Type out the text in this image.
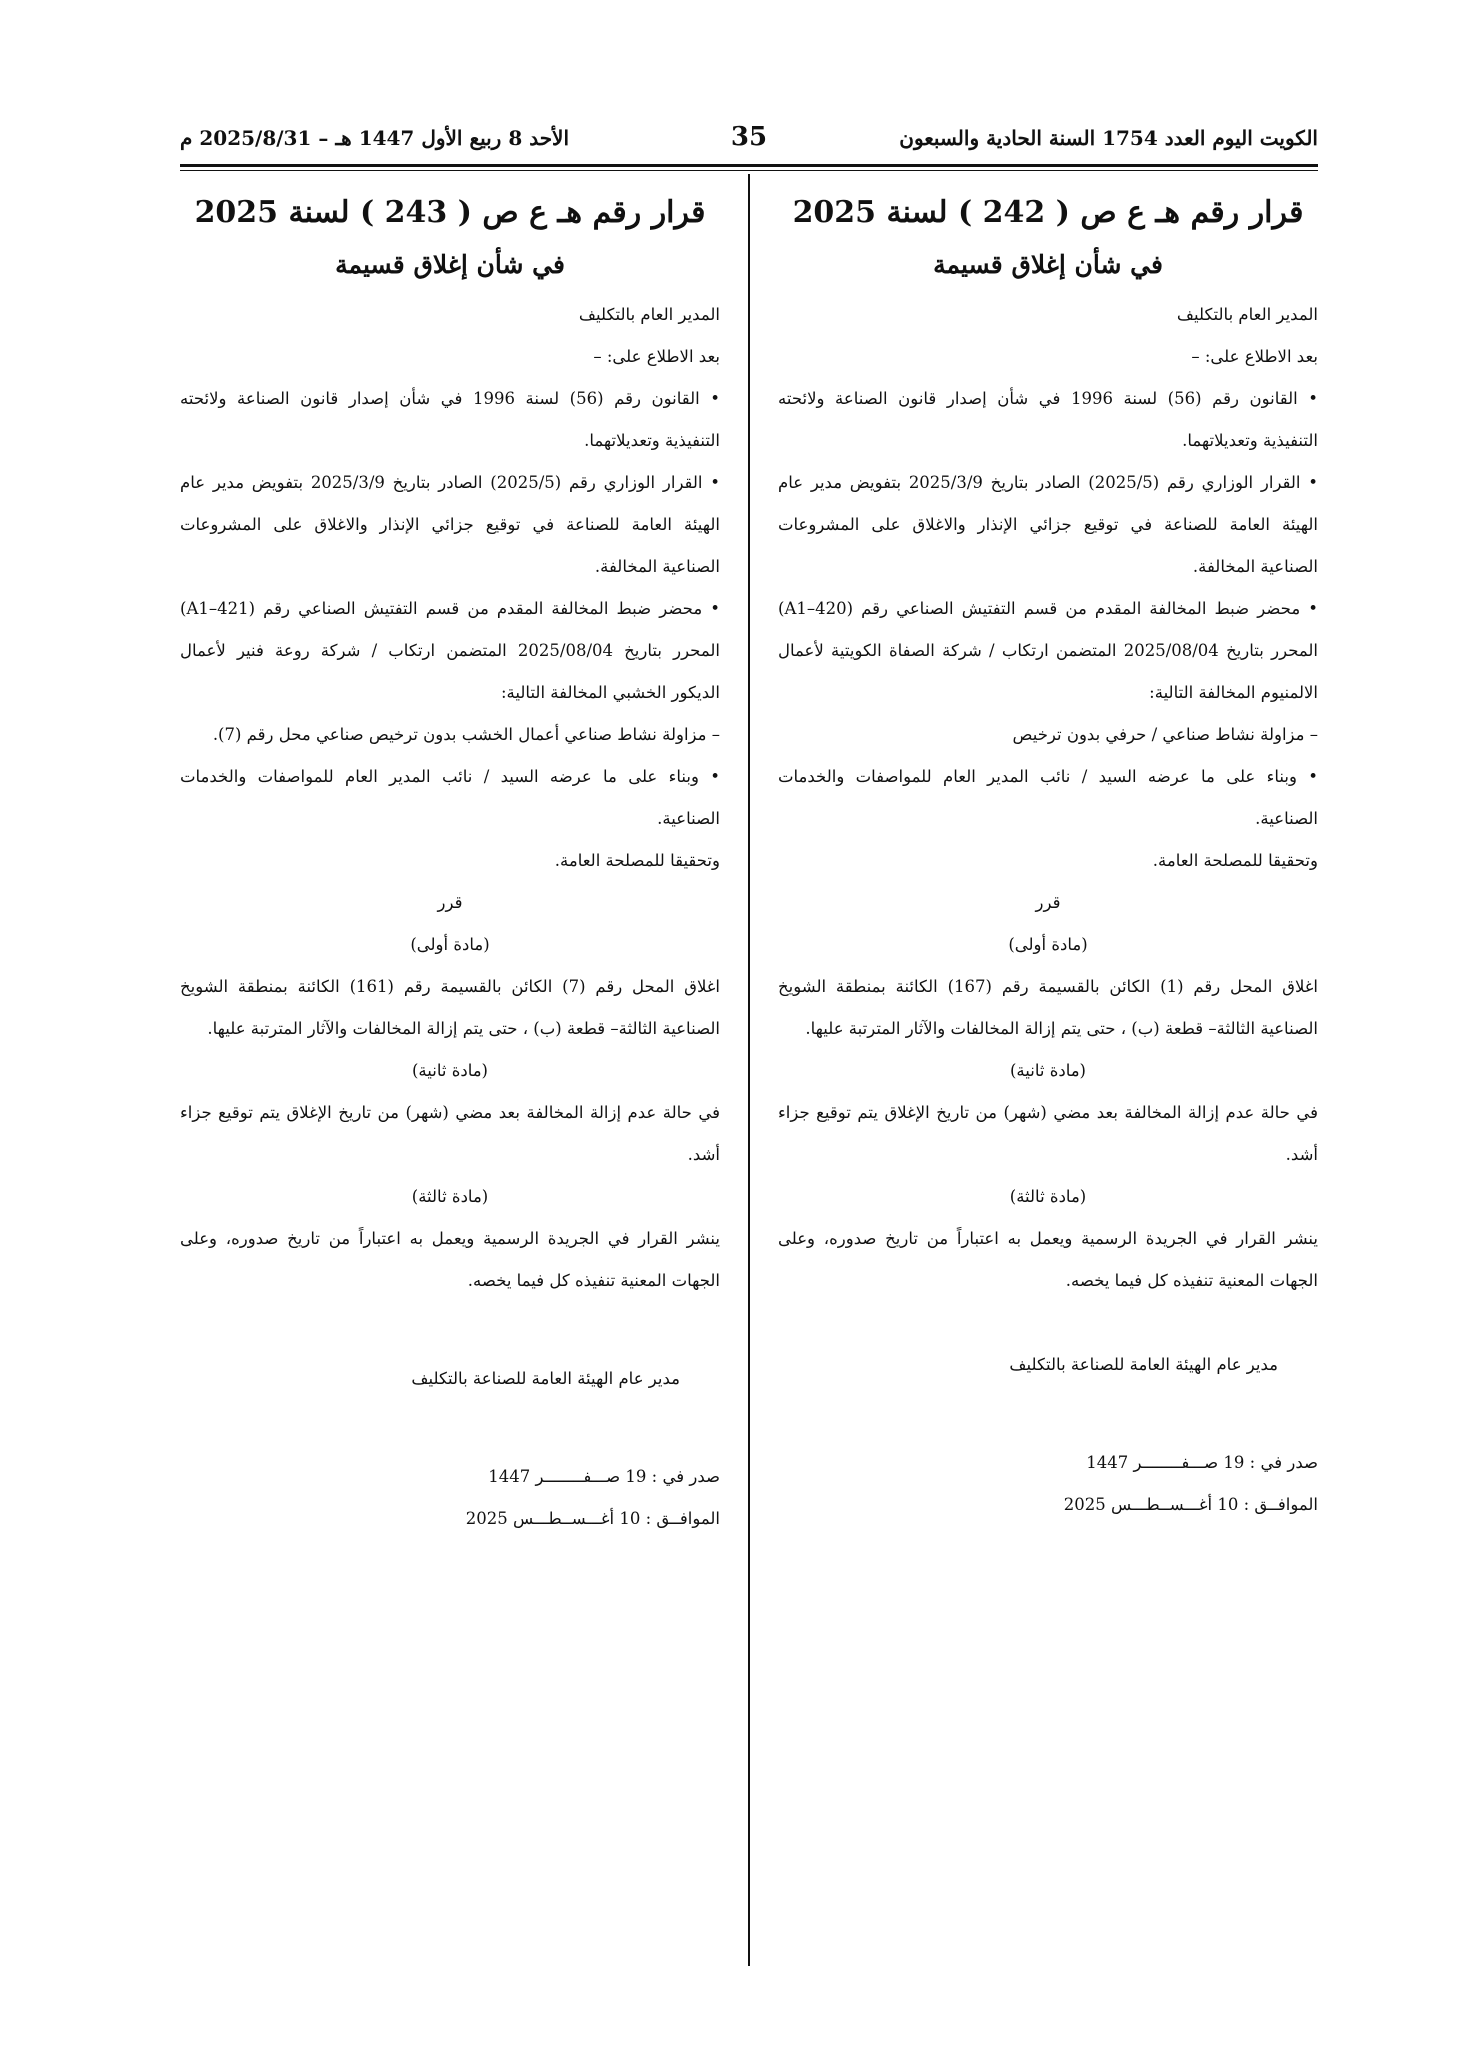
الكويت اليوم العدد 1754 السنة الحادية والسبعون
35
الأحد 8 ربيع الأول 1447 هـ – 2025/8/31 م

قرار رقم هـ ع ص ( 242 ) لسنة 2025

في شأن إغلاق قسيمة

المدير العام بالتكليف

بعد الاطلاع على: –

• القانون رقم (56) لسنة 1996 في شأن إصدار قانون الصناعة ولائحته التنفيذية وتعديلاتهما.

• القرار الوزاري رقم (2025/5) الصادر بتاريخ 2025/3/9 بتفويض مدير عام الهيئة العامة للصناعة في توقيع جزائي الإنذار والاغلاق على المشروعات الصناعية المخالفة.

• محضر ضبط المخالفة المقدم من قسم التفتيش الصناعي رقم (A1–420) المحرر بتاريخ 2025/08/04 المتضمن ارتكاب / شركة الصفاة الكويتية لأعمال الالمنيوم المخالفة التالية:

– مزاولة نشاط صناعي / حرفي بدون ترخيص

• وبناء على ما عرضه السيد / نائب المدير العام للمواصفات والخدمات الصناعية.

وتحقيقا للمصلحة العامة.

قرر

(مادة أولى)

اغلاق المحل رقم (1) الكائن بالقسيمة رقم (167) الكائنة بمنطقة الشويخ الصناعية الثالثة– قطعة (ب) ، حتى يتم إزالة المخالفات والآثار المترتبة عليها.

(مادة ثانية)

في حالة عدم إزالة المخالفة بعد مضي (شهر) من تاريخ الإغلاق يتم توقيع جزاء أشد.

(مادة ثالثة)

ينشر القرار في الجريدة الرسمية ويعمل به اعتباراً من تاريخ صدوره، وعلى الجهات المعنية تنفيذه كل فيما يخصه.

مدير عام الهيئة العامة للصناعة بالتكليف

صدر في : 19 صـــفــــــــر 1447

الموافــق : 10 أغـــســطـــس 2025

قرار رقم هـ ع ص ( 243 ) لسنة 2025

في شأن إغلاق قسيمة

المدير العام بالتكليف

بعد الاطلاع على: –

• القانون رقم (56) لسنة 1996 في شأن إصدار قانون الصناعة ولائحته التنفيذية وتعديلاتهما.

• القرار الوزاري رقم (2025/5) الصادر بتاريخ 2025/3/9 بتفويض مدير عام الهيئة العامة للصناعة في توقيع جزائي الإنذار والاغلاق على المشروعات الصناعية المخالفة.

• محضر ضبط المخالفة المقدم من قسم التفتيش الصناعي رقم (A1–421) المحرر بتاريخ 2025/08/04 المتضمن ارتكاب / شركة روعة فنير لأعمال الديكور الخشبي المخالفة التالية:

– مزاولة نشاط صناعي أعمال الخشب بدون ترخيص صناعي محل رقم (7).

• وبناء على ما عرضه السيد / نائب المدير العام للمواصفات والخدمات الصناعية.

وتحقيقا للمصلحة العامة.

قرر

(مادة أولى)

اغلاق المحل رقم (7) الكائن بالقسيمة رقم (161) الكائنة بمنطقة الشويخ الصناعية الثالثة– قطعة (ب) ، حتى يتم إزالة المخالفات والآثار المترتبة عليها.

(مادة ثانية)

في حالة عدم إزالة المخالفة بعد مضي (شهر) من تاريخ الإغلاق يتم توقيع جزاء أشد.

(مادة ثالثة)

ينشر القرار في الجريدة الرسمية ويعمل به اعتباراً من تاريخ صدوره، وعلى الجهات المعنية تنفيذه كل فيما يخصه.

مدير عام الهيئة العامة للصناعة بالتكليف

صدر في : 19 صـــفــــــــر 1447

الموافــق : 10 أغـــســطـــس 2025
